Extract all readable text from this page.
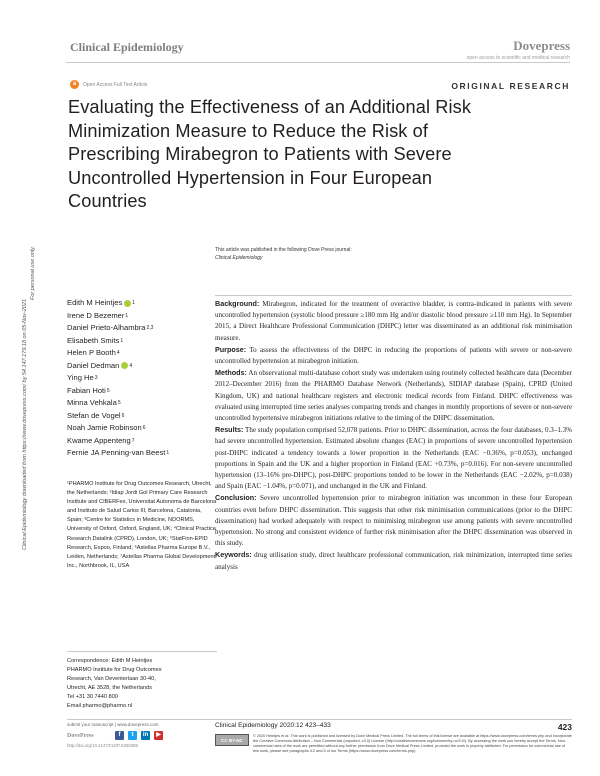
Clinical Epidemiology	Dovepress
open access to scientific and medical research
a	Open Access Full Text Article	ORIGINAL RESEARCH
Evaluating the Effectiveness of an Additional Risk
Minimization Measure to Reduce the Risk of
Prescribing Mirabegron to Patients with Severe
Uncontrolled Hypertension in Four European
Countries
This article was published in the following Dove Press journal:
Clinical Epidemiology
Clinical Epidemiology downloaded from https://www.dovepress.com/ by 54.147.179.18 on 05-Nov-2021
For personal use only.
Edith M Heintjes 1
Irene D Bezemer 1
Daniel Prieto-Alhambra 2,3
Elisabeth Smits 1
Helen P Booth 4
Daniel Dedman 4
Ying He 3
Fabian Hoti 5
Minna Vehkala 5
Stefan de Vogel 6
Noah Jamie Robinson 6
Kwame Appenteng 7
Fernie JA Penning-van Beest 1
¹PHARMO Institute for Drug Outcomes Research, Utrecht, the Netherlands; ²Idiap Jordi Gol Primary Care Research Institute and CIBERFes, Universitat Autonoma de Barcelona and Instituto de Salud Carlos III, Barcelona, Catalonia, Spain; ³Centre for Statistics in Medicine, NDORMS, University of Oxford, Oxford, England, UK; ⁴Clinical Practice Research Datalink (CPRD), London, UK; ⁵StatFinn-EPID Research, Espoo, Finland; ⁶Astellas Pharma Europe B.V., Leiden, Netherlands; ⁷Astellas Pharma Global Development, Inc., Northbrook, IL, USA
Correspondence: Edith M Heintjes
PHARMO Institute for Drug Outcomes
Research, Van Deventerlaan 30-40,
Utrecht, AE 3528, the Netherlands
Tel +31 30 7440 800
Email pharmo@pharmo.nl

Background: Mirabegron, indicated for the treatment of overactive bladder, is contra-indicated in patients with severe uncontrolled hypertension (systolic blood pressure ≥180 mm Hg and/or diastolic blood pressure ≥110 mm Hg). In September 2015, a Direct Healthcare Professional Communication (DHPC) letter was disseminated as an additional risk minimisation measure.

Purpose: To assess the effectiveness of the DHPC in reducing the proportions of patients with severe or non-severe uncontrolled hypertension at mirabegron initiation.

Methods: An observational multi-database cohort study was undertaken using routinely collected healthcare data (December 2012–December 2016) from the PHARMO Database Network (Netherlands), SIDIAP database (Spain), CPRD (United Kingdom, UK) and national healthcare registers and electronic medical records from Finland. DHPC effectiveness was evaluated using interrupted time series analyses comparing trends and changes in monthly proportions of severe or non-severe uncontrolled hypertensive mirabegron initiations relative to the timing of the DHPC dissemination.

Results: The study population comprised 52,078 patients. Prior to DHPC dissemination, across the four databases, 0.3–1.3% had severe uncontrolled hypertension. Estimated absolute changes (EAC) in proportions of severe uncontrolled hypertension post-DHPC indicated a tendency towards a lower proportion in the Netherlands (EAC −0.36%, p=0.053), unchanged proportions in Spain and the UK and a higher proportion in Finland (EAC +0.73%, p=0.016). For non-severe uncontrolled hypertension (13–16% pre-DHPC), post-DHPC proportions tended to be lower in the Netherlands (EAC −2.02%, p=0.038) and Spain (EAC −1.04%, p=0.071), and unchanged in the UK and Finland.

Conclusion: Severe uncontrolled hypertension prior to mirabegron initiation was uncommon in these four European countries even before DHPC dissemination. This suggests that other risk minimisation communications (prior to the DHPC dissemination) had worked adequately with respect to minimising mirabegron use among patients with severe uncontrolled hypertension. No strong and consistent evidence of further risk minimisation after the DHPC dissemination was observed in this study.

Keywords: drug utilisation study, direct healthcare professional communication, risk minimization, interrupted time series analysis

submit your manuscript | www.dovepress.com
DovePress	f	t	in	▶
http://doi.org/10.2147/CLEP.S258389
Clinical Epidemiology 2020:12 423–433	423
CC BY-NC

© 2020 Heintjes et al. This work is published and licensed by Dove Medical Press Limited. The full terms of this license are available at https://www.dovepress.com/terms.php and incorporate the Creative Commons Attribution – Non Commercial (unported, v3.0) License (http://creativecommons.org/licenses/by-nc/3.0/). By accessing the work you hereby accept the Terms. Non-commercial uses of the work are permitted without any further permission from Dove Medical Press Limited, provided the work is properly attributed. For permission for commercial use of this work, please see paragraphs 4.2 and 5 of our Terms (https://www.dovepress.com/terms.php).
